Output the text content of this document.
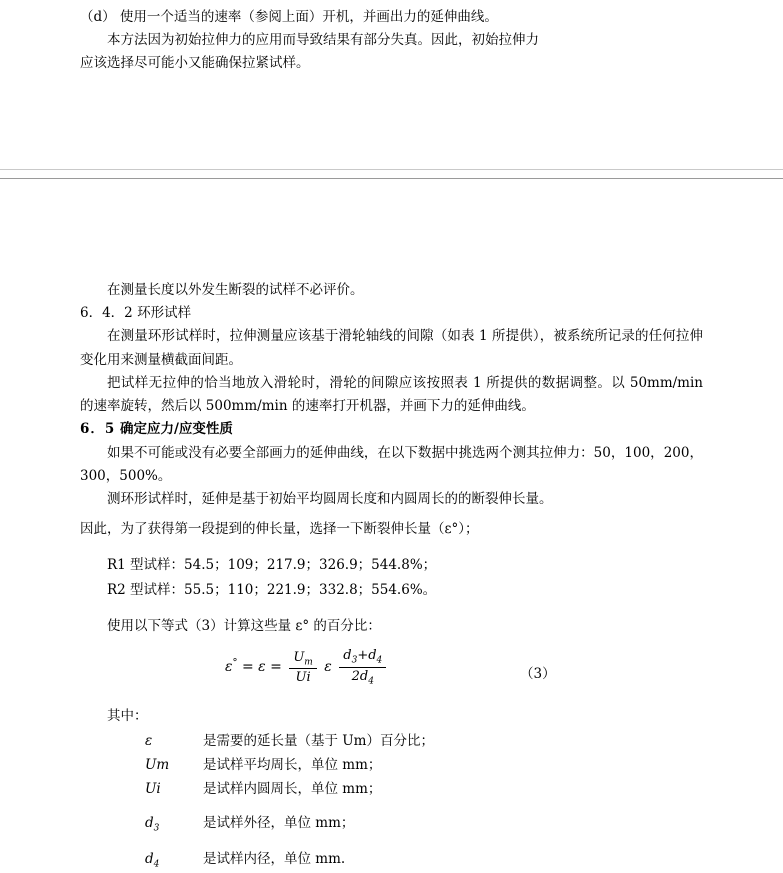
（d） 使用一个适当的速率（参阅上面）开机，并画出力的延伸曲线。

本方法因为初始拉伸力的应用而导致结果有部分失真。因此，初始拉伸力

应该选择尽可能小又能确保拉紧试样。

在测量长度以外发生断裂的试样不必评价。

6．4．2 环形试样

在测量环形试样时，拉伸测量应该基于滑轮轴线的间隙（如表 1 所提供），被系统所记录的任何拉伸变化用来测量横截面间距。

把试样无拉伸的恰当地放入滑轮时，滑轮的间隙应该按照表 1 所提供的数据调整。以 50mm/min 的速率旋转，然后以 500mm/min 的速率打开机器，并画下力的延伸曲线。

6．5 确定应力/应变性质

如果不可能或没有必要全部画力的延伸曲线，在以下数据中挑选两个测其拉伸力：50，100，200，300，500%。

测环形试样时，延伸是基于初始平均圆周长度和内圆周长的的断裂伸长量。

因此，为了获得第一段提到的伸长量，选择一下断裂伸长量（ε°）；

R1 型试样：54.5；109；217.9；326.9；544.8%；

R2 型试样：55.5；110；221.9；332.8；554.6%。

使用以下等式（3）计算这些量 ε° 的百分比：

$\varepsilon^\circ = \varepsilon = \frac{U_m}{Ui}$ ε $\frac{d_3+d_4}{2d_4}$	（3）

其中：

ε	是需要的延长量（基于 Um）百分比；
Um	是试样平均周长，单位 mm；
Ui	是试样内圆周长，单位 mm；
$d_3$	是试样外径，单位 mm；
$d_4$	是试样内径，单位 mm.
